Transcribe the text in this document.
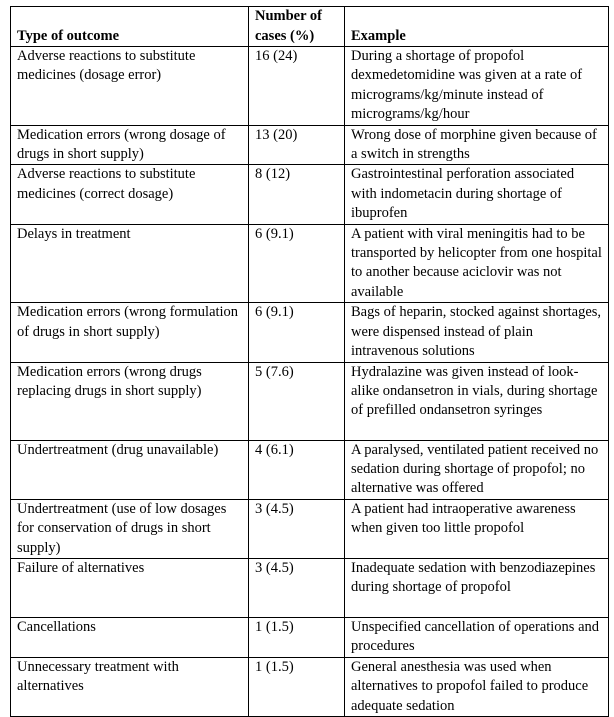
Type of outcome	Number of cases (%)	Example
Adverse reactions to substitute medicines (dosage error)	16 (24)	During a shortage of propofol dexmedetomidine was given at a rate of micrograms/kg/minute instead of micrograms/kg/hour
Medication errors (wrong dosage of drugs in short supply)	13 (20)	Wrong dose of morphine given because of a switch in strengths
Adverse reactions to substitute medicines (correct dosage)	8 (12)	Gastrointestinal perforation associated with indometacin during shortage of ibuprofen
Delays in treatment	6 (9.1)	A patient with viral meningitis had to be transported by helicopter from one hospital to another because aciclovir was not available
Medication errors (wrong formulation of drugs in short supply)	6 (9.1)	Bags of heparin, stocked against shortages, were dispensed instead of plain intravenous solutions
Medication errors (wrong drugs replacing drugs in short supply)	5 (7.6)	Hydralazine was given instead of look-alike ondansetron in vials, during shortage of prefilled ondansetron syringes
Undertreatment (drug unavailable)	4 (6.1)	A paralysed, ventilated patient received no sedation during shortage of propofol; no alternative was offered
Undertreatment (use of low dosages for conservation of drugs in short supply)	3 (4.5)	A patient had intraoperative awareness when given too little propofol
Failure of alternatives	3 (4.5)	Inadequate sedation with benzodiazepines during shortage of propofol
Cancellations	1 (1.5)	Unspecified cancellation of operations and procedures
Unnecessary treatment with alternatives	1 (1.5)	General anesthesia was used when alternatives to propofol failed to produce adequate sedation
